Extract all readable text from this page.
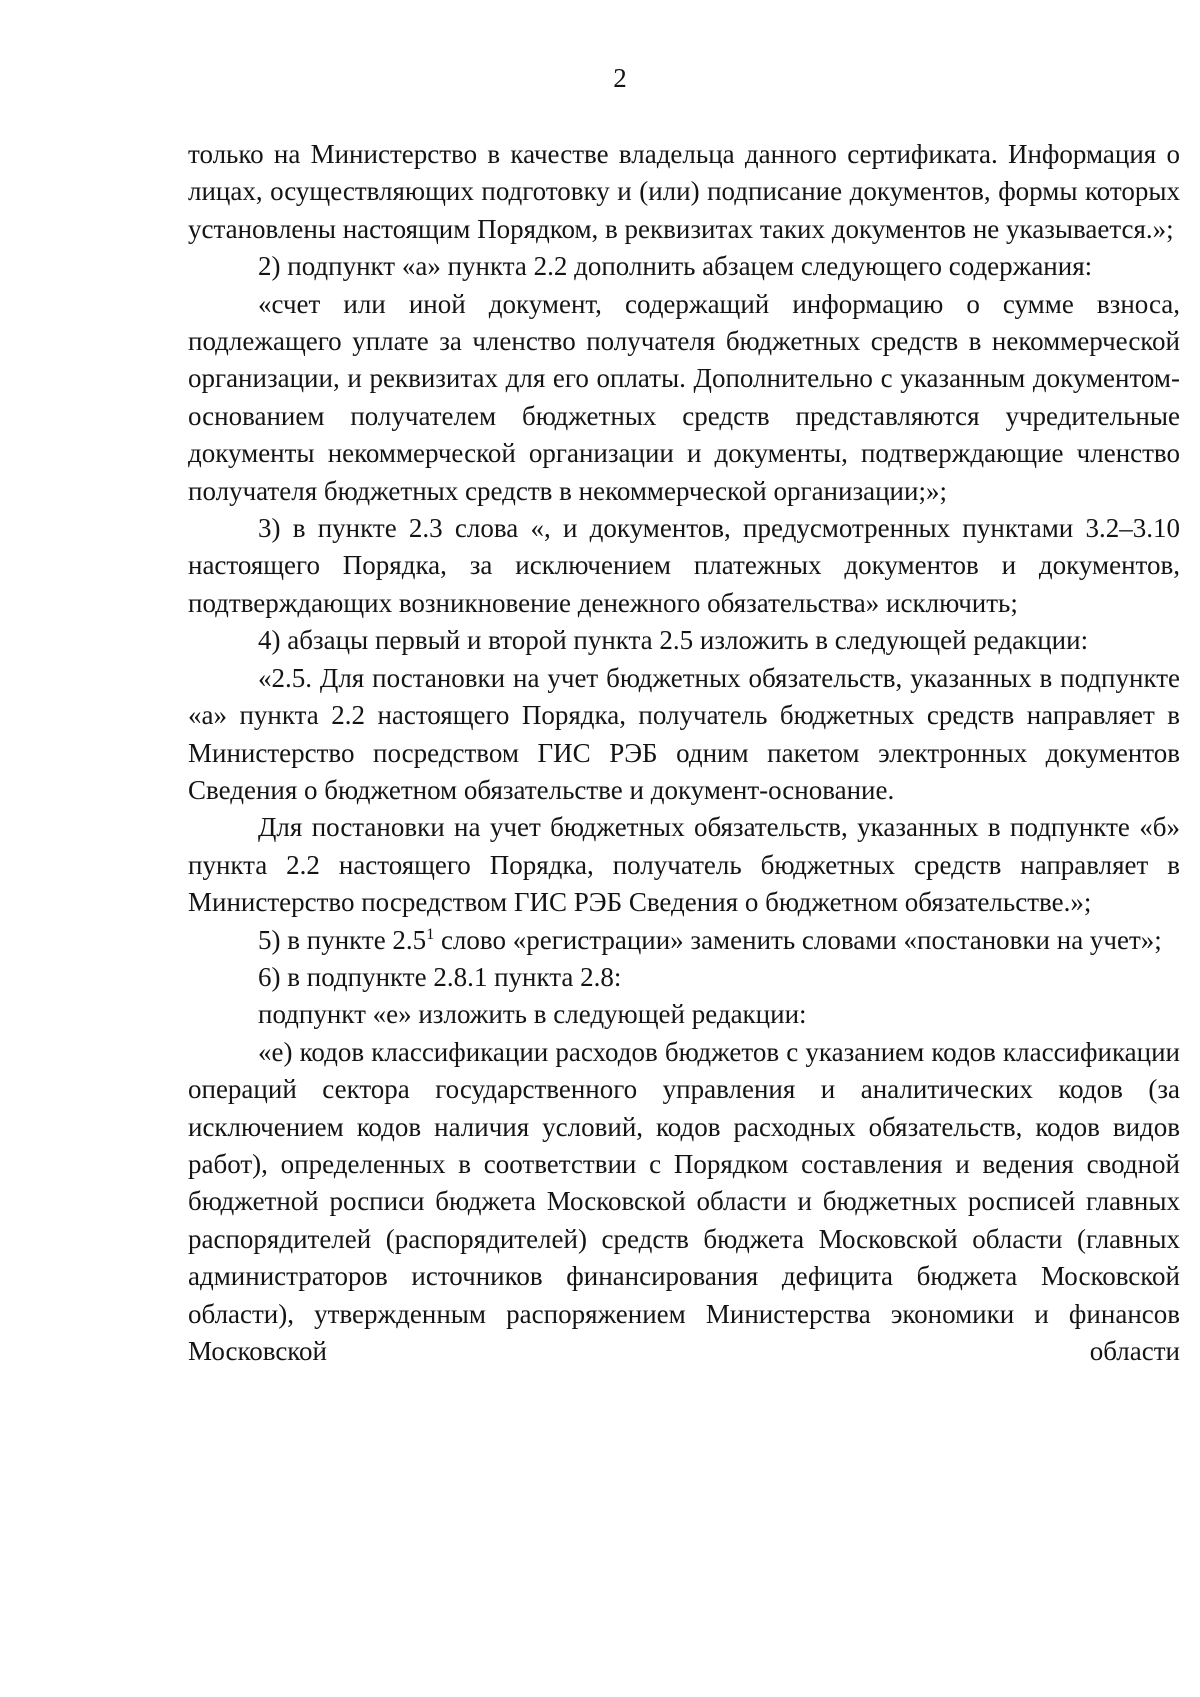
2

только на Министерство в качестве владельца данного сертификата. Информация о лицах, осуществляющих подготовку и (или) подписание документов, формы которых установлены настоящим Порядком, в реквизитах таких документов не указывается.»;

2) подпункт «а» пункта 2.2 дополнить абзацем следующего содержания:

«счет или иной документ, содержащий информацию о сумме взноса, подлежащего уплате за членство получателя бюджетных средств в некоммерческой организации, и реквизитах для его оплаты. Дополнительно с указанным документом-основанием получателем бюджетных средств представляются учредительные документы некоммерческой организации и документы, подтверждающие членство получателя бюджетных средств в некоммерческой организации;»;

3) в пункте 2.3 слова «, и документов, предусмотренных пунктами 3.2–3.10 настоящего Порядка, за исключением платежных документов и документов, подтверждающих возникновение денежного обязательства» исключить;

4) абзацы первый и второй пункта 2.5 изложить в следующей редакции:

«2.5. Для постановки на учет бюджетных обязательств, указанных в подпункте «а» пункта 2.2 настоящего Порядка, получатель бюджетных средств направляет в Министерство посредством ГИС РЭБ одним пакетом электронных документов Сведения о бюджетном обязательстве и документ-основание.

Для постановки на учет бюджетных обязательств, указанных в подпункте «б» пункта 2.2 настоящего Порядка, получатель бюджетных средств направляет в Министерство посредством ГИС РЭБ Сведения о бюджетном обязательстве.»;

5) в пункте $2.5^1$ слово «регистрации» заменить словами «постановки на учет»;

6) в подпункте 2.8.1 пункта 2.8:

подпункт «е» изложить в следующей редакции:

«е) кодов классификации расходов бюджетов с указанием кодов классификации операций сектора государственного управления и аналитических кодов (за исключением кодов наличия условий, кодов расходных обязательств, кодов видов работ), определенных в соответствии с Порядком составления и ведения сводной бюджетной росписи бюджета Московской области и бюджетных росписей главных распорядителей (распорядителей) средств бюджета Московской области (главных администраторов источников финансирования дефицита бюджета Московской области), утвержденным распоряжением Министерства экономики и финансов Московской области
